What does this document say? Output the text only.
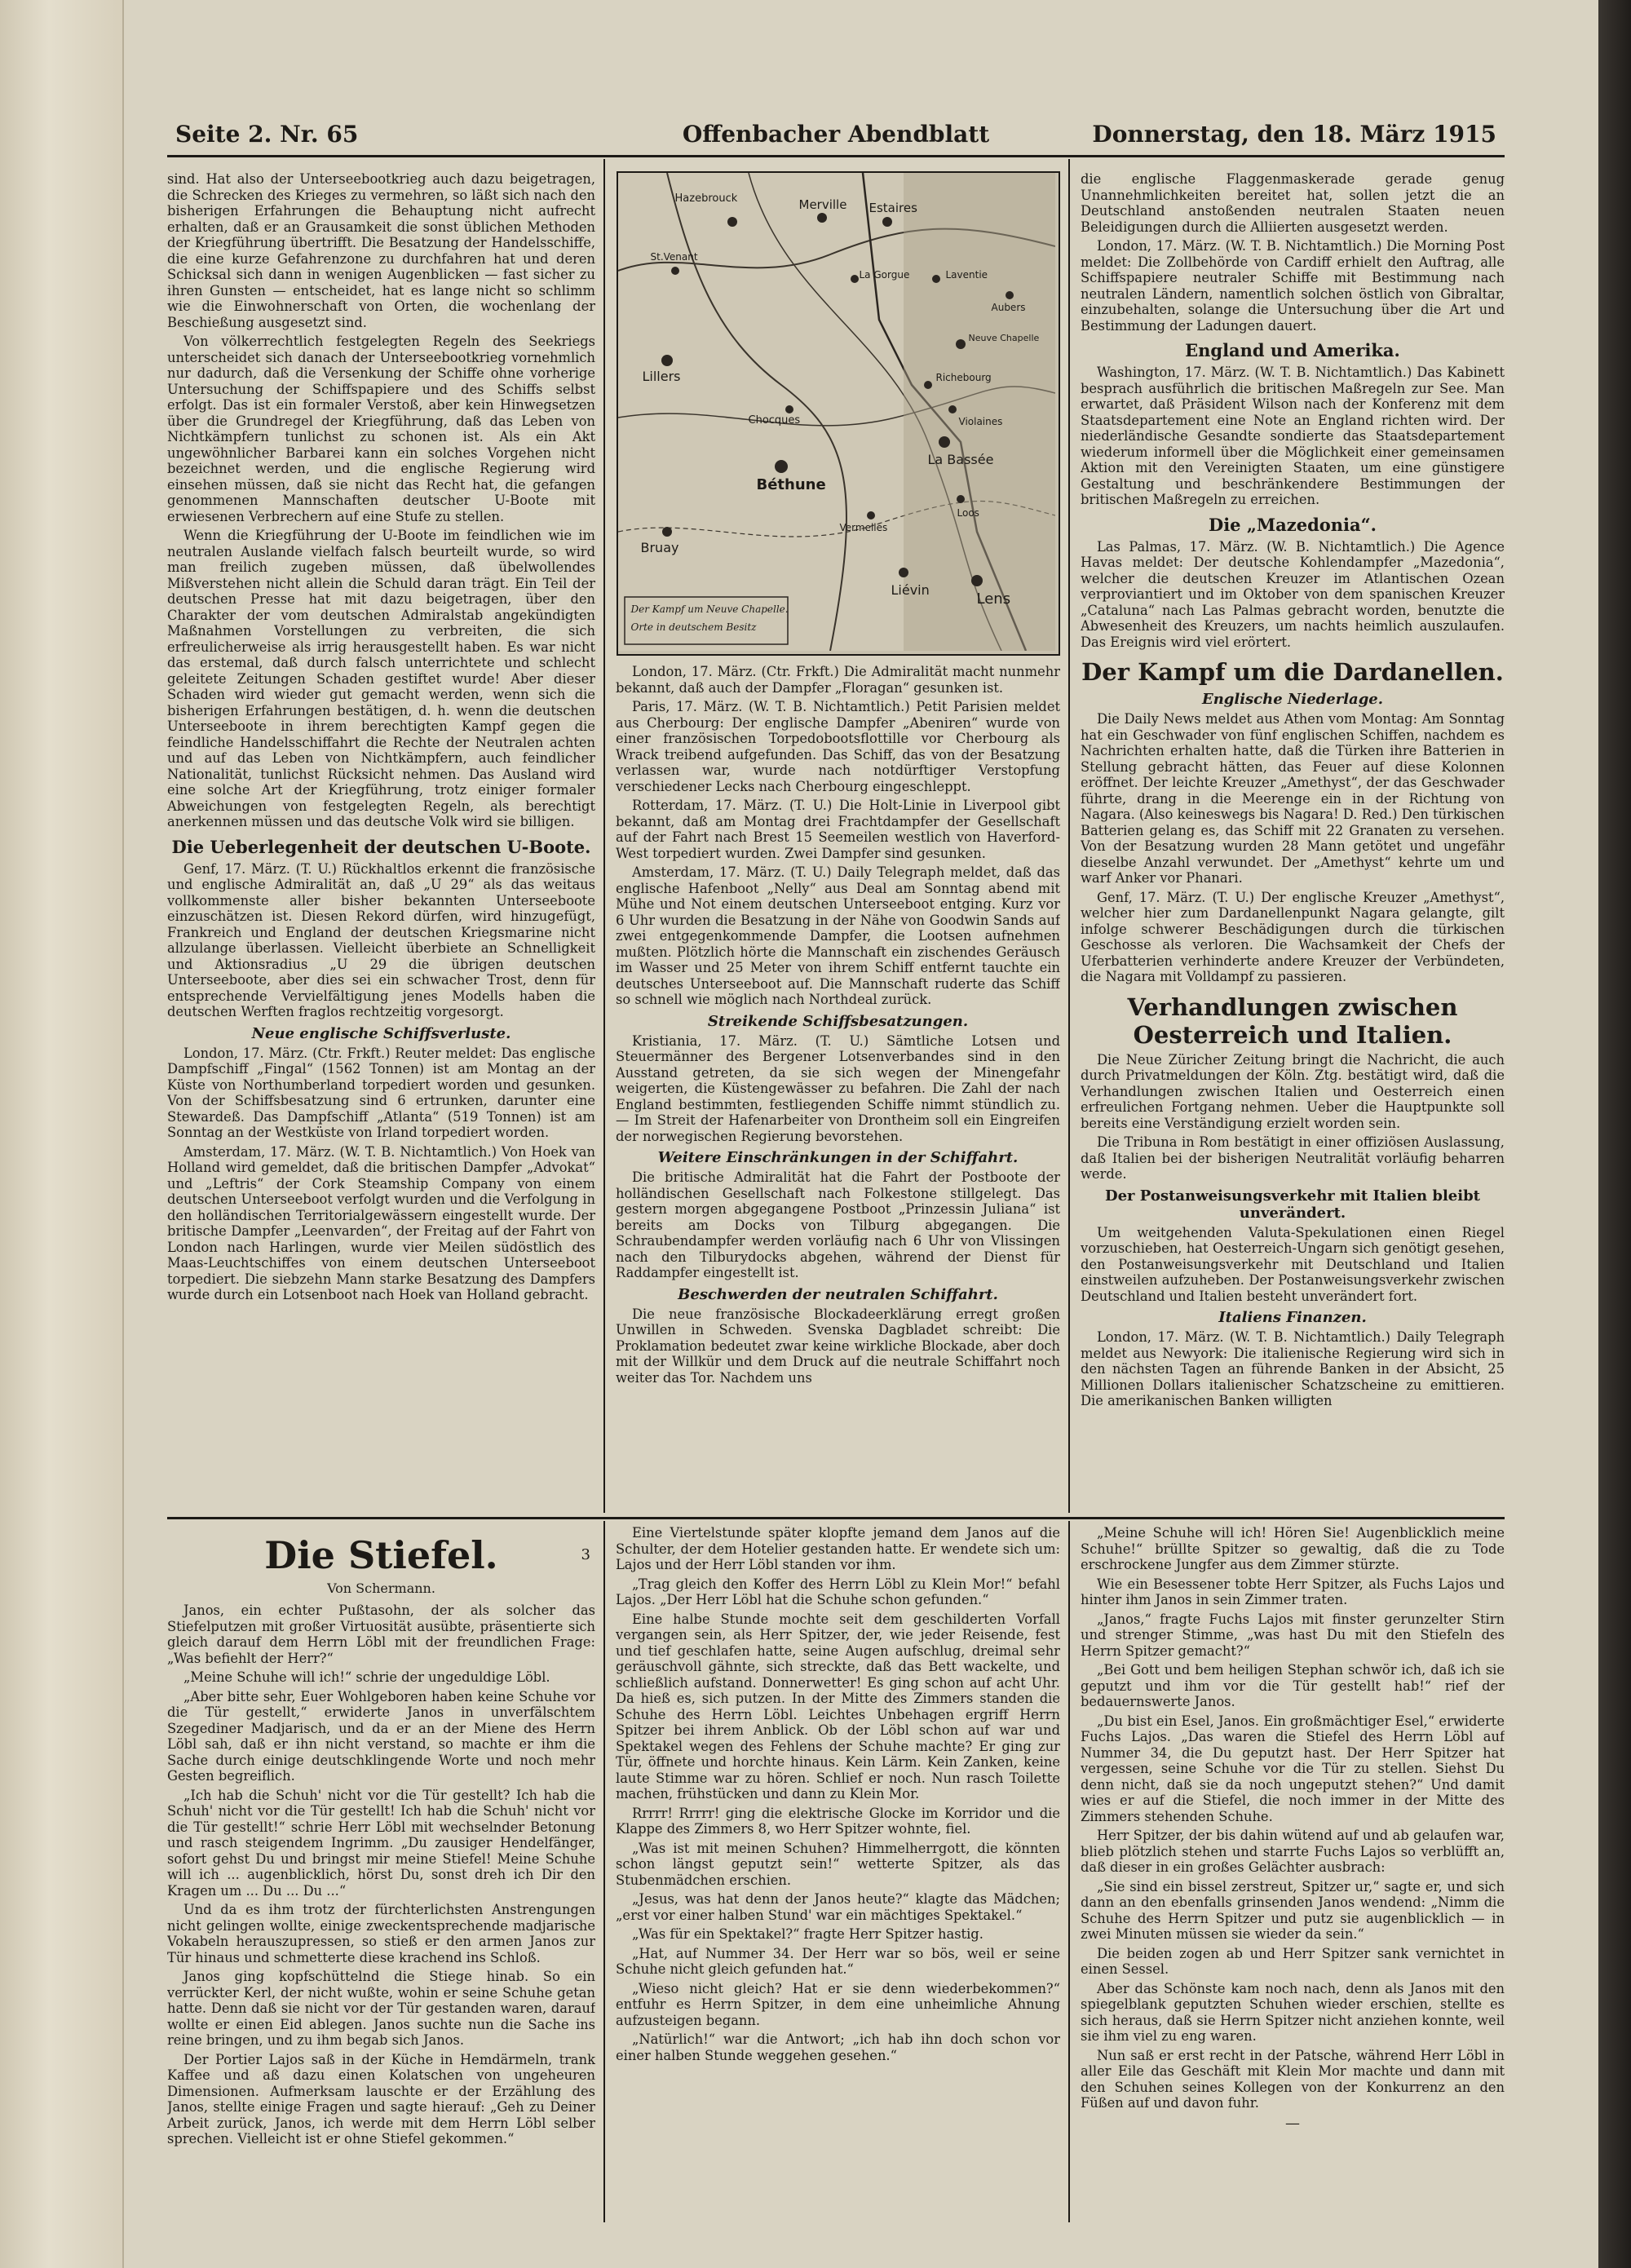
Seite 2. Nr. 65	Offenbacher Abendblatt	Donnerstag, den 18. März 1915

sind. Hat also der Unterseebootkrieg auch dazu beigetragen, die Schrecken des Krieges zu vermehren, so läßt sich nach den bisherigen Erfahrungen die Behauptung nicht aufrecht erhalten, daß er an Grausamkeit die sonst üblichen Methoden der Kriegführung übertrifft. Die Besatzung der Handelsschiffe, die eine kurze Gefahrenzone zu durchfahren hat und deren Schicksal sich dann in wenigen Augenblicken — fast sicher zu ihren Gunsten — entscheidet, hat es lange nicht so schlimm wie die Einwohnerschaft von Orten, die wochenlang der Beschießung ausgesetzt sind.

Von völkerrechtlich festgelegten Regeln des Seekriegs unterscheidet sich danach der Unterseebootkrieg vornehmlich nur dadurch, daß die Versenkung der Schiffe ohne vorherige Untersuchung der Schiffspapiere und des Schiffs selbst erfolgt. Das ist ein formaler Verstoß, aber kein Hinwegsetzen über die Grundregel der Kriegführung, daß das Leben von Nichtkämpfern tunlichst zu schonen ist. Als ein Akt ungewöhnlicher Barbarei kann ein solches Vorgehen nicht bezeichnet werden, und die englische Regierung wird einsehen müssen, daß sie nicht das Recht hat, die gefangen genommenen Mannschaften deutscher U-Boote mit erwiesenen Verbrechern auf eine Stufe zu stellen.

Wenn die Kriegführung der U-Boote im feindlichen wie im neutralen Auslande vielfach falsch beurteilt wurde, so wird man freilich zugeben müssen, daß übelwollendes Mißverstehen nicht allein die Schuld daran trägt. Ein Teil der deutschen Presse hat mit dazu beigetragen, über den Charakter der vom deutschen Admiralstab angekündigten Maßnahmen Vorstellungen zu verbreiten, die sich erfreulicherweise als irrig herausgestellt haben. Es war nicht das erstemal, daß durch falsch unterrichtete und schlecht geleitete Zeitungen Schaden gestiftet wurde! Aber dieser Schaden wird wieder gut gemacht werden, wenn sich die bisherigen Erfahrungen bestätigen, d. h. wenn die deutschen Unterseeboote in ihrem berechtigten Kampf gegen die feindliche Handelsschiffahrt die Rechte der Neutralen achten und auf das Leben von Nichtkämpfern, auch feindlicher Nationalität, tunlichst Rücksicht nehmen. Das Ausland wird eine solche Art der Kriegführung, trotz einiger formaler Abweichungen von festgelegten Regeln, als berechtigt anerkennen müssen und das deutsche Volk wird sie billigen.

Die Ueberlegenheit der deutschen U-Boote.

Genf, 17. März. (T. U.) Rückhaltlos erkennt die französische und englische Admiralität an, daß „U 29“ als das weitaus vollkommenste aller bisher bekannten Unterseeboote einzuschätzen ist. Diesen Rekord dürfen, wird hinzugefügt, Frankreich und England der deutschen Kriegsmarine nicht allzulange überlassen. Vielleicht überbiete an Schnelligkeit und Aktionsradius „U 29 die übrigen deutschen Unterseeboote, aber dies sei ein schwacher Trost, denn für entsprechende Vervielfältigung jenes Modells haben die deutschen Werften fraglos rechtzeitig vorgesorgt.

Neue englische Schiffsverluste.

London, 17. März. (Ctr. Frkft.) Reuter meldet: Das englische Dampfschiff „Fingal“ (1562 Tonnen) ist am Montag an der Küste von Northumberland torpediert worden und gesunken. Von der Schiffsbesatzung sind 6 ertrunken, darunter eine Stewardeß. Das Dampfschiff „Atlanta“ (519 Tonnen) ist am Sonntag an der Westküste von Irland torpediert worden.

Amsterdam, 17. März. (W. T. B. Nichtamtlich.) Von Hoek van Holland wird gemeldet, daß die britischen Dampfer „Advokat“ und „Leftris“ der Cork Steamship Company von einem deutschen Unterseeboot verfolgt wurden und die Verfolgung in den holländischen Territorialgewässern eingestellt wurde. Der britische Dampfer „Leenvarden“, der Freitag auf der Fahrt von London nach Harlingen, wurde vier Meilen südöstlich des Maas-Leuchtschiffes von einem deutschen Unterseeboot torpediert. Die siebzehn Mann starke Besatzung des Dampfers wurde durch ein Lotsenboot nach Hoek van Holland gebracht.

Hazebrouck	Merville Estaires
St.Venant
Laventie
La Gorgue
Aubers
Lillers
Neuve Chapelle
Richebourg
Chocques	Violaines
Béthune
La Bassée
Bruay
Liévin
Lens
Vermelles
Loos
Der Kampf um Neuve Chapelle.
Orte in deutschem Besitz

London, 17. März. (Ctr. Frkft.) Die Admiralität macht nunmehr bekannt, daß auch der Dampfer „Floragan“ gesunken ist.

Paris, 17. März. (W. T. B. Nichtamtlich.) Petit Parisien meldet aus Cherbourg: Der englische Dampfer „Abeniren“ wurde von einer französischen Torpedobootsflottille vor Cherbourg als Wrack treibend aufgefunden. Das Schiff, das von der Besatzung verlassen war, wurde nach notdürftiger Verstopfung verschiedener Lecks nach Cherbourg eingeschleppt.

Rotterdam, 17. März. (T. U.) Die Holt-Linie in Liverpool gibt bekannt, daß am Montag drei Frachtdampfer der Gesellschaft auf der Fahrt nach Brest 15 Seemeilen westlich von Haverford-West torpediert wurden. Zwei Dampfer sind gesunken.

Amsterdam, 17. März. (T. U.) Daily Telegraph meldet, daß das englische Hafenboot „Nelly“ aus Deal am Sonntag abend mit Mühe und Not einem deutschen Unterseeboot entging. Kurz vor 6 Uhr wurden die Besatzung in der Nähe von Goodwin Sands auf zwei entgegenkommende Dampfer, die Lootsen aufnehmen mußten. Plötzlich hörte die Mannschaft ein zischendes Geräusch im Wasser und 25 Meter von ihrem Schiff entfernt tauchte ein deutsches Unterseeboot auf. Die Mannschaft ruderte das Schiff so schnell wie möglich nach Northdeal zurück.

Streikende Schiffsbesatzungen.

Kristiania, 17. März. (T. U.) Sämtliche Lotsen und Steuermänner des Bergener Lotsenverbandes sind in den Ausstand getreten, da sie sich wegen der Minengefahr weigerten, die Küstengewässer zu befahren. Die Zahl der nach England bestimmten, festliegenden Schiffe nimmt stündlich zu. — Im Streit der Hafenarbeiter von Drontheim soll ein Eingreifen der norwegischen Regierung bevorstehen.

Weitere Einschränkungen in der Schiffahrt.

Die britische Admiralität hat die Fahrt der Postboote der holländischen Gesellschaft nach Folkestone stillgelegt. Das gestern morgen abgegangene Postboot „Prinzessin Juliana“ ist bereits am Docks von Tilburg abgegangen. Die Schraubendampfer werden vorläufig nach 6 Uhr von Vlissingen nach den Tilburydocks abgehen, während der Dienst für Raddampfer eingestellt ist.

Beschwerden der neutralen Schiffahrt.

Die neue französische Blockadeerklärung erregt großen Unwillen in Schweden. Svenska Dagbladet schreibt: Die Proklamation bedeutet zwar keine wirkliche Blockade, aber doch mit der Willkür und dem Druck auf die neutrale Schiffahrt noch weiter das Tor. Nachdem uns

die englische Flaggenmaskerade gerade genug Unannehmlichkeiten bereitet hat, sollen jetzt die an Deutschland anstoßenden neutralen Staaten neuen Beleidigungen durch die Alliierten ausgesetzt werden.

London, 17. März. (W. T. B. Nichtamtlich.) Die Morning Post meldet: Die Zollbehörde von Cardiff erhielt den Auftrag, alle Schiffspapiere neutraler Schiffe mit Bestimmung nach neutralen Ländern, namentlich solchen östlich von Gibraltar, einzubehalten, solange die Untersuchung über die Art und Bestimmung der Ladungen dauert.

England und Amerika.

Washington, 17. März. (W. T. B. Nichtamtlich.) Das Kabinett besprach ausführlich die britischen Maßregeln zur See. Man erwartet, daß Präsident Wilson nach der Konferenz mit dem Staatsdepartement eine Note an England richten wird. Der niederländische Gesandte sondierte das Staatsdepartement wiederum informell über die Möglichkeit einer gemeinsamen Aktion mit den Vereinigten Staaten, um eine günstigere Gestaltung und beschränkendere Bestimmungen der britischen Maßregeln zu erreichen.

Die „Mazedonia“.

Las Palmas, 17. März. (W. B. Nichtamtlich.) Die Agence Havas meldet: Der deutsche Kohlendampfer „Mazedonia“, welcher die deutschen Kreuzer im Atlantischen Ozean verproviantiert und im Oktober von dem spanischen Kreuzer „Cataluna“ nach Las Palmas gebracht worden, benutzte die Abwesenheit des Kreuzers, um nachts heimlich auszulaufen. Das Ereignis wird viel erörtert.

Der Kampf um die Dardanellen.
Englische Niederlage.

Die Daily News meldet aus Athen vom Montag: Am Sonntag hat ein Geschwader von fünf englischen Schiffen, nachdem es Nachrichten erhalten hatte, daß die Türken ihre Batterien in Stellung gebracht hätten, das Feuer auf diese Kolonnen eröffnet. Der leichte Kreuzer „Amethyst“, der das Geschwader führte, drang in die Meerenge ein in der Richtung von Nagara. (Also keineswegs bis Nagara! D. Red.) Den türkischen Batterien gelang es, das Schiff mit 22 Granaten zu versehen. Von der Besatzung wurden 28 Mann getötet und ungefähr dieselbe Anzahl verwundet. Der „Amethyst“ kehrte um und warf Anker vor Phanari.

Genf, 17. März. (T. U.) Der englische Kreuzer „Amethyst“, welcher hier zum Dardanellenpunkt Nagara gelangte, gilt infolge schwerer Beschädigungen durch die türkischen Geschosse als verloren. Die Wachsamkeit der Chefs der Uferbatterien verhinderte andere Kreuzer der Verbündeten, die Nagara mit Volldampf zu passieren.

Verhandlungen zwischen Oesterreich und Italien.

Die Neue Züricher Zeitung bringt die Nachricht, die auch durch Privatmeldungen der Köln. Ztg. bestätigt wird, daß die Verhandlungen zwischen Italien und Oesterreich einen erfreulichen Fortgang nehmen. Ueber die Hauptpunkte soll bereits eine Verständigung erzielt worden sein.

Die Tribuna in Rom bestätigt in einer offiziösen Auslassung, daß Italien bei der bisherigen Neutralität vorläufig beharren werde.

Der Postanweisungsverkehr mit Italien bleibt unverändert.

Um weitgehenden Valuta-Spekulationen einen Riegel vorzuschieben, hat Oesterreich-Ungarn sich genötigt gesehen, den Postanweisungsverkehr mit Deutschland und Italien einstweilen aufzuheben. Der Postanweisungsverkehr zwischen Deutschland und Italien besteht unverändert fort.

Italiens Finanzen.

London, 17. März. (W. T. B. Nichtamtlich.) Daily Telegraph meldet aus Newyork: Die italienische Regierung wird sich in den nächsten Tagen an führende Banken in der Absicht, 25 Millionen Dollars italienischer Schatzscheine zu emittieren. Die amerikanischen Banken willigten

Die Stiefel.	3
Von Schermann.

Janos, ein echter Pußtasohn, der als solcher das Stiefelputzen mit großer Virtuosität ausübte, präsentierte sich gleich darauf dem Herrn Löbl mit der freundlichen Frage: „Was befiehlt der Herr?“

„Meine Schuhe will ich!“ schrie der ungeduldige Löbl.

„Aber bitte sehr, Euer Wohlgeboren haben keine Schuhe vor die Tür gestellt,“ erwiderte Janos in unverfälschtem Szegediner Madjarisch, und da er an der Miene des Herrn Löbl sah, daß er ihn nicht verstand, so machte er ihm die Sache durch einige deutschklingende Worte und noch mehr Gesten begreiflich.

„Ich hab die Schuh' nicht vor die Tür gestellt? Ich hab die Schuh' nicht vor die Tür gestellt! Ich hab die Schuh' nicht vor die Tür gestellt!“ schrie Herr Löbl mit wechselnder Betonung und rasch steigendem Ingrimm. „Du zausiger Hendelfänger, sofort gehst Du und bringst mir meine Stiefel! Meine Schuhe will ich ... augenblicklich, hörst Du, sonst dreh ich Dir den Kragen um ... Du ... Du ...“

Und da es ihm trotz der fürchterlichsten Anstrengungen nicht gelingen wollte, einige zweckentsprechende madjarische Vokabeln herauszupressen, so stieß er den armen Janos zur Tür hinaus und schmetterte diese krachend ins Schloß.

Janos ging kopfschüttelnd die Stiege hinab. So ein verrückter Kerl, der nicht wußte, wohin er seine Schuhe getan hatte. Denn daß sie nicht vor der Tür gestanden waren, darauf wollte er einen Eid ablegen. Janos suchte nun die Sache ins reine bringen, und zu ihm begab sich Janos.

Der Portier Lajos saß in der Küche in Hemdärmeln, trank Kaffee und aß dazu einen Kolatschen von ungeheuren Dimensionen. Aufmerksam lauschte er der Erzählung des Janos, stellte einige Fragen und sagte hierauf: „Geh zu Deiner Arbeit zurück, Janos, ich werde mit dem Herrn Löbl selber sprechen. Vielleicht ist er ohne Stiefel gekommen.“

Eine Viertelstunde später klopfte jemand dem Janos auf die Schulter, der dem Hotelier gestanden hatte. Er wendete sich um: Lajos und der Herr Löbl standen vor ihm.

„Trag gleich den Koffer des Herrn Löbl zu Klein Mor!“ befahl Lajos. „Der Herr Löbl hat die Schuhe schon gefunden.“

Eine halbe Stunde mochte seit dem geschilderten Vorfall vergangen sein, als Herr Spitzer, der, wie jeder Reisende, fest und tief geschlafen hatte, seine Augen aufschlug, dreimal sehr geräuschvoll gähnte, sich streckte, daß das Bett wackelte, und schließlich aufstand. Donnerwetter! Es ging schon auf acht Uhr. Da hieß es, sich putzen. In der Mitte des Zimmers standen die Schuhe des Herrn Löbl. Leichtes Unbehagen ergriff Herrn Spitzer bei ihrem Anblick. Ob der Löbl schon auf war und Spektakel wegen des Fehlens der Schuhe machte? Er ging zur Tür, öffnete und horchte hinaus. Kein Lärm. Kein Zanken, keine laute Stimme war zu hören. Schlief er noch. Nun rasch Toilette machen, frühstücken und dann zu Klein Mor.

Rrrrr! Rrrrr! ging die elektrische Glocke im Korridor und die Klappe des Zimmers 8, wo Herr Spitzer wohnte, fiel.

„Was ist mit meinen Schuhen? Himmelherrgott, die könnten schon längst geputzt sein!“ wetterte Spitzer, als das Stubenmädchen erschien.

„Jesus, was hat denn der Janos heute?“ klagte das Mädchen; „erst vor einer halben Stund' war ein mächtiges Spektakel.“

„Was für ein Spektakel?“ fragte Herr Spitzer hastig.

„Hat, auf Nummer 34. Der Herr war so bös, weil er seine Schuhe nicht gleich gefunden hat.“

„Wieso nicht gleich? Hat er sie denn wiederbekommen?“ entfuhr es Herrn Spitzer, in dem eine unheimliche Ahnung aufzusteigen begann.

„Natürlich!“ war die Antwort; „ich hab ihn doch schon vor einer halben Stunde weggehen gesehen.“

„Meine Schuhe will ich! Hören Sie! Augenblicklich meine Schuhe!“ brüllte Spitzer so gewaltig, daß die zu Tode erschrockene Jungfer aus dem Zimmer stürzte.

Wie ein Besessener tobte Herr Spitzer, als Fuchs Lajos und hinter ihm Janos in sein Zimmer traten.

„Janos,“ fragte Fuchs Lajos mit finster gerunzelter Stirn und strenger Stimme, „was hast Du mit den Stiefeln des Herrn Spitzer gemacht?“

„Bei Gott und bem heiligen Stephan schwör ich, daß ich sie geputzt und ihm vor die Tür gestellt hab!“ rief der bedauernswerte Janos.

„Du bist ein Esel, Janos. Ein großmächtiger Esel,“ erwiderte Fuchs Lajos. „Das waren die Stiefel des Herrn Löbl auf Nummer 34, die Du geputzt hast. Der Herr Spitzer hat vergessen, seine Schuhe vor die Tür zu stellen. Siehst Du denn nicht, daß sie da noch ungeputzt stehen?“ Und damit wies er auf die Stiefel, die noch immer in der Mitte des Zimmers stehenden Schuhe.

Herr Spitzer, der bis dahin wütend auf und ab gelaufen war, blieb plötzlich stehen und starrte Fuchs Lajos so verblüfft an, daß dieser in ein großes Gelächter ausbrach:

„Sie sind ein bissel zerstreut, Spitzer ur,“ sagte er, und sich dann an den ebenfalls grinsenden Janos wendend: „Nimm die Schuhe des Herrn Spitzer und putz sie augenblicklich — in zwei Minuten müssen sie wieder da sein.“

Die beiden zogen ab und Herr Spitzer sank vernichtet in einen Sessel.

Aber das Schönste kam noch nach, denn als Janos mit den spiegelblank geputzten Schuhen wieder erschien, stellte es sich heraus, daß sie Herrn Spitzer nicht anziehen konnte, weil sie ihm viel zu eng waren.

Nun saß er erst recht in der Patsche, während Herr Löbl in aller Eile das Geschäft mit Klein Mor machte und dann mit den Schuhen seines Kollegen von der Konkurrenz an den Füßen auf und davon fuhr.

—
